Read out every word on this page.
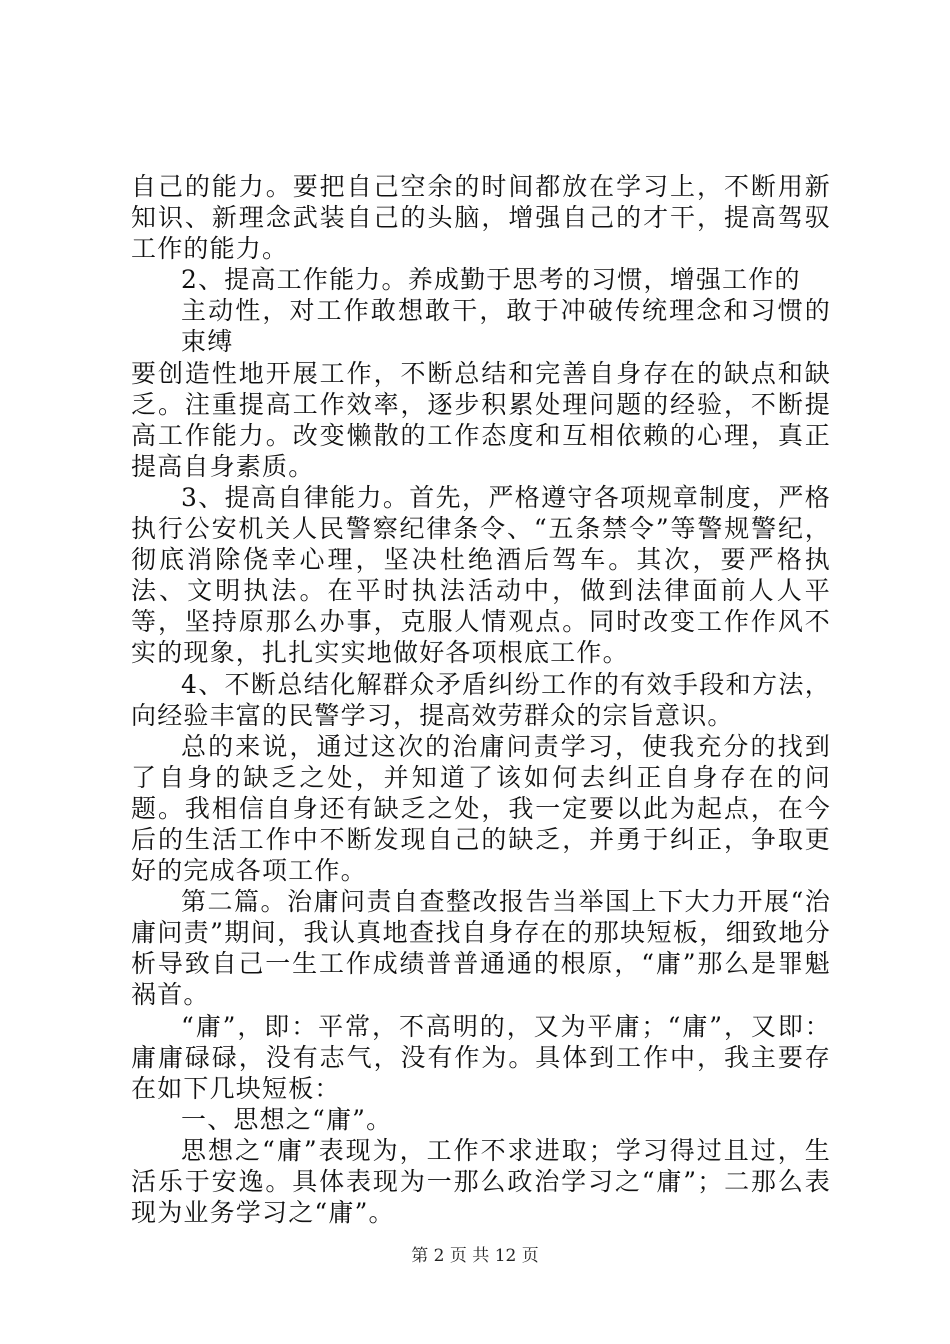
自己的能力。要把自己空余的时间都放在学习上，不断用新知识、新理念武装自己的头脑，增强自己的才干，提高驾驭工作的能力。

2、提高工作能力。养成勤于思考的习惯，增强工作的

主动性，对工作敢想敢干，敢于冲破传统理念和习惯的束缚

要创造性地开展工作，不断总结和完善自身存在的缺点和缺乏。注重提高工作效率，逐步积累处理问题的经验，不断提高工作能力。改变懒散的工作态度和互相依赖的心理，真正提高自身素质。

3、提高自律能力。首先，严格遵守各项规章制度，严格执行公安机关人民警察纪律条令、“五条禁令”等警规警纪，彻底消除侥幸心理，坚决杜绝酒后驾车。其次，要严格执法、文明执法。在平时执法活动中，做到法律面前人人平等，坚持原那么办事，克服人情观点。同时改变工作作风不实的现象，扎扎实实地做好各项根底工作。

4、不断总结化解群众矛盾纠纷工作的有效手段和方法，向经验丰富的民警学习，提高效劳群众的宗旨意识。

总的来说，通过这次的治庸问责学习，使我充分的找到了自身的缺乏之处，并知道了该如何去纠正自身存在的问题。我相信自身还有缺乏之处，我一定要以此为起点，在今后的生活工作中不断发现自己的缺乏，并勇于纠正，争取更好的完成各项工作。

第二篇。治庸问责自查整改报告当举国上下大力开展“治庸问责”期间，我认真地查找自身存在的那块短板，细致地分析导致自己一生工作成绩普普通通的根原，“庸”那么是罪魁祸首。

“庸”，即：平常，不高明的，又为平庸；“庸”，又即：庸庸碌碌，没有志气，没有作为。具体到工作中，我主要存在如下几块短板：

一、思想之“庸”。

思想之“庸”表现为，工作不求进取；学习得过且过，生活乐于安逸。具体表现为一那么政治学习之“庸”；二那么表现为业务学习之“庸”。

第 2 页 共 12 页
